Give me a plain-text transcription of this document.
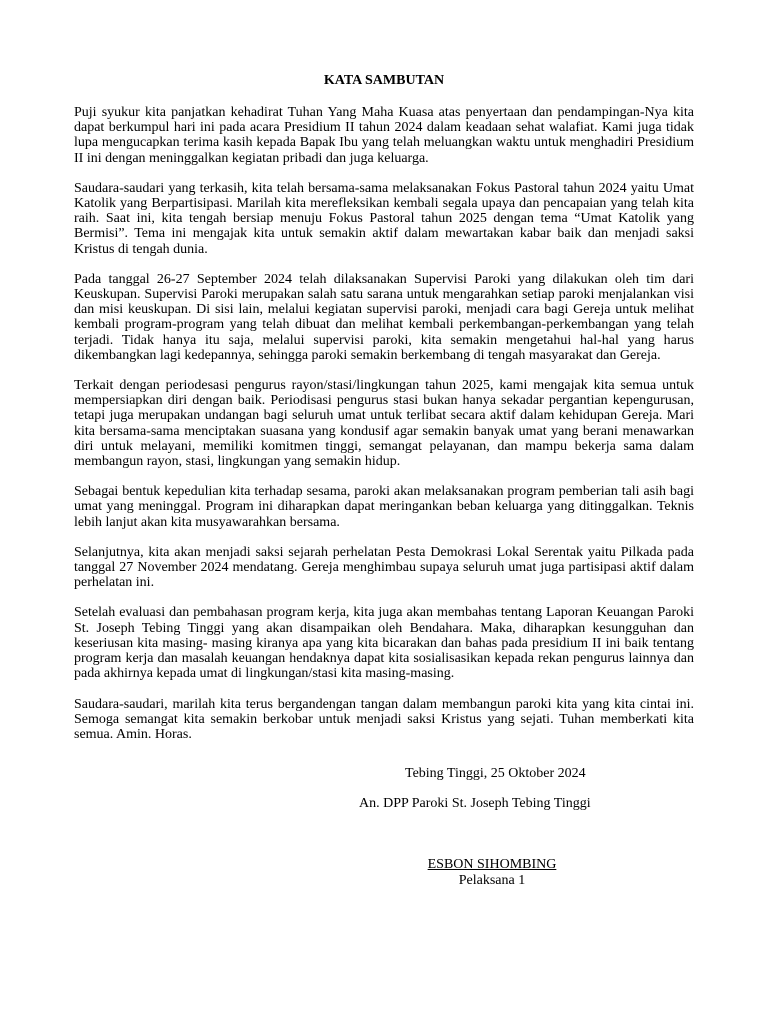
KATA SAMBUTAN

Puji syukur kita panjatkan kehadirat Tuhan Yang Maha Kuasa atas penyertaan dan pendampingan-Nya kita dapat berkumpul hari ini pada acara Presidium II tahun 2024 dalam keadaan sehat walafiat. Kami juga tidak lupa mengucapkan terima kasih kepada Bapak Ibu yang telah meluangkan waktu untuk menghadiri Presidium II ini dengan meninggalkan kegiatan pribadi dan juga keluarga.

Saudara-saudari yang terkasih, kita telah bersama-sama melaksanakan Fokus Pastoral tahun 2024 yaitu Umat Katolik yang Berpartisipasi. Marilah kita merefleksikan kembali segala upaya dan pencapaian yang telah kita raih. Saat ini, kita tengah bersiap menuju Fokus Pastoral tahun 2025 dengan tema “Umat Katolik yang Bermisi”. Tema ini mengajak kita untuk semakin aktif dalam mewartakan kabar baik dan menjadi saksi Kristus di tengah dunia.

Pada tanggal 26-27 September 2024 telah dilaksanakan Supervisi Paroki yang dilakukan oleh tim dari Keuskupan. Supervisi Paroki merupakan salah satu sarana untuk mengarahkan setiap paroki menjalankan visi dan misi keuskupan. Di sisi lain, melalui kegiatan supervisi paroki, menjadi cara bagi Gereja untuk melihat kembali program-program yang telah dibuat dan melihat kembali perkembangan-perkembangan yang telah terjadi. Tidak hanya itu saja, melalui supervisi paroki, kita semakin mengetahui hal-hal yang harus dikembangkan lagi kedepannya, sehingga paroki semakin berkembang di tengah masyarakat dan Gereja.

Terkait dengan periodesasi pengurus rayon/stasi/lingkungan tahun 2025, kami mengajak kita semua untuk mempersiapkan diri dengan baik. Periodisasi pengurus stasi bukan hanya sekadar pergantian kepengurusan, tetapi juga merupakan undangan bagi seluruh umat untuk terlibat secara aktif dalam kehidupan Gereja. Mari kita bersama-sama menciptakan suasana yang kondusif agar semakin banyak umat yang berani menawarkan diri untuk melayani, memiliki komitmen tinggi, semangat pelayanan, dan mampu bekerja sama dalam membangun rayon, stasi, lingkungan yang semakin hidup.

Sebagai bentuk kepedulian kita terhadap sesama, paroki akan melaksanakan program pemberian tali asih bagi umat yang meninggal. Program ini diharapkan dapat meringankan beban keluarga yang ditinggalkan. Teknis lebih lanjut akan kita musyawarahkan bersama.

Selanjutnya, kita akan menjadi saksi sejarah perhelatan Pesta Demokrasi Lokal Serentak yaitu Pilkada pada tanggal 27 November 2024 mendatang. Gereja menghimbau supaya seluruh umat juga partisipasi aktif dalam perhelatan ini.

Setelah evaluasi dan pembahasan program kerja, kita juga akan membahas tentang Laporan Keuangan Paroki St. Joseph Tebing Tinggi yang akan disampaikan oleh Bendahara. Maka, diharapkan kesungguhan dan keseriusan kita masing- masing kiranya apa yang kita bicarakan dan bahas pada presidium II ini baik tentang program kerja dan masalah keuangan hendaknya dapat kita sosialisasikan kepada rekan pengurus lainnya dan pada akhirnya kepada umat di lingkungan/stasi kita masing-masing.

Saudara-saudari, marilah kita terus bergandengan tangan dalam membangun paroki kita yang kita cintai ini. Semoga semangat kita semakin berkobar untuk menjadi saksi Kristus yang sejati. Tuhan memberkati kita semua. Amin. Horas.

Tebing Tinggi, 25 Oktober 2024
An. DPP Paroki St. Joseph Tebing Tinggi
ESBON SIHOMBING
Pelaksana 1
